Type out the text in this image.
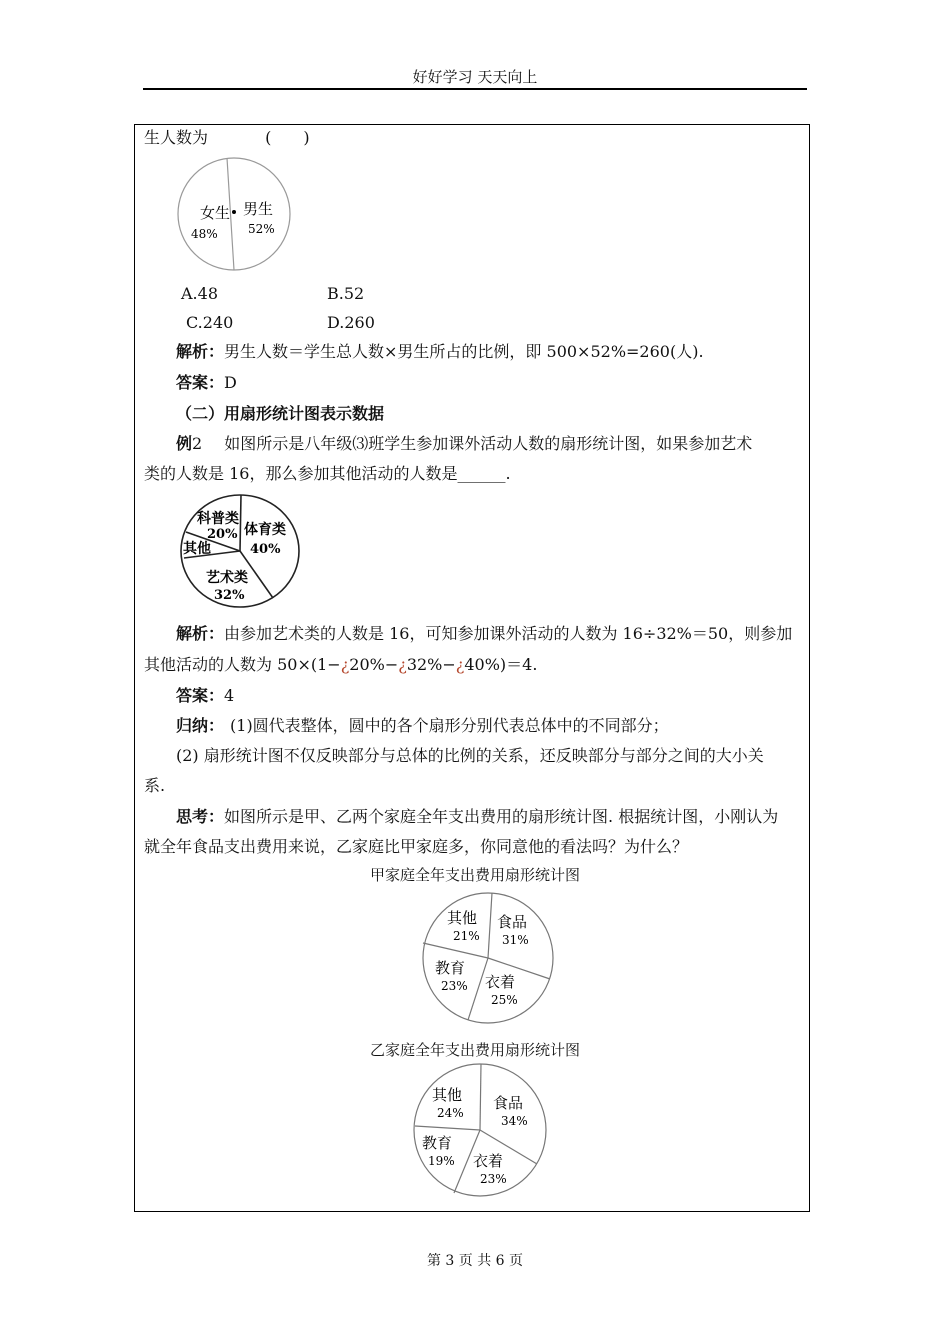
好好学习 天天向上
生人数为	(　　)
女生
48%
男生
52%
A.48	B.52
C.240	D.260
解析：男生人数＝学生总人数×男生所占的比例，即 500×52%=260(人).
答案：D
（二）用扇形统计图表示数据
例2 如图所示是八年级⑶班学生参加课外活动人数的扇形统计图，如果参加艺术
类的人数是 16，那么参加其他活动的人数是______.
体育类
40%
艺术类
32%
其他
科普类
20%
解析：由参加艺术类的人数是 16，可知参加课外活动的人数为 16÷32%＝50，则参加
其他活动的人数为 50×(1−¿20%−¿32%−¿40%)＝4.
答案：4
归纳： (1)圆代表整体，圆中的各个扇形分别代表总体中的不同部分；
(2) 扇形统计图不仅反映部分与总体的比例的关系，还反映部分与部分之间的大小关
系.
思考：如图所示是甲、乙两个家庭全年支出费用的扇形统计图. 根据统计图，小刚认为
就全年食品支出费用来说，乙家庭比甲家庭多，你同意他的看法吗？为什么？
甲家庭全年支出费用扇形统计图
食品
31%
衣着
25%
教育
23%
其他
21%
乙家庭全年支出费用扇形统计图
食品
34%
衣着
23%
教育
19%
其他
24%
第 3 页 共 6 页
